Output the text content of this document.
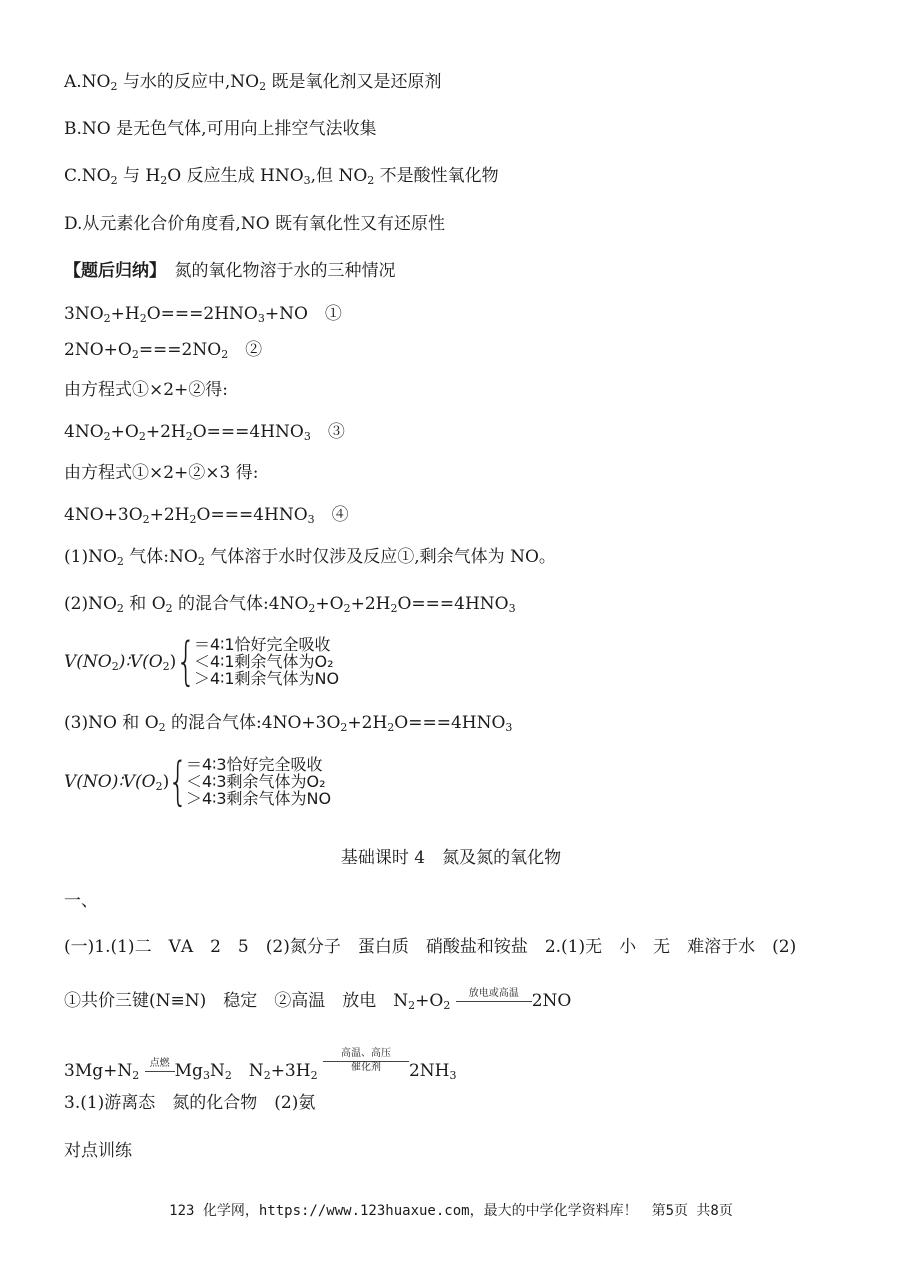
$A.NO_2$ 与水的反应中$,NO_2$ 既是氧化剂又是还原剂
B.NO 是无色气体,可用向上排空气法收集
$C.NO_2$ 与 $H_2O$ 反应生成 $HNO_3$,但 $NO_2$ 不是酸性氧化物
D.从元素化合价角度看,NO 既有氧化性又有还原性
【题后归纳】　 氮的氧化物溶于水的三种情况
$3NO_2+H_2O===2HNO_3+NO$　①
$2NO+O_2===2NO_2$　②
由方程式①×2+②得:
$4NO_2+O_2+2H_2O===4HNO_3$　③
由方程式①×2+②×3 得:
$4NO+3O_2+2H_2O===4HNO_3$　④
$(1)NO_2$ 气体$:NO_2$ 气体溶于水时仅涉及反应①,剩余气体为 NO。
$(2)NO_2$ 和 $O_2$ 的混合气体$:4NO_2+O_2+2H_2O===4HNO_3$
$V(NO_2)∶V(O_2)$ {
＝4∶1恰好完全吸收
＜4∶1剩余气体为O₂
＞4∶1剩余气体为NO
(3)NO 和 $O_2$ 的混合气体$:4NO+3O_2+2H_2O===4HNO_3$
$V(NO)∶V(O_2)$
{
＝4∶3恰好完全吸收
＜4∶3剩余气体为O₂
＞4∶3剩余气体为NO
基础课时 4　氮及氮的氧化物
一、
(一)1.(1)二　ⅤA　2　5　(2)氮分子　蛋白质　硝酸盐和铵盐　2.(1)无　小　无　难溶于水　(2)
①共价三键(N≡N)　稳定　②高温　放电　$N_2+O_2$
放电或高温 2NO
$3Mg+N_2$
点燃 $Mg_3N_2$　$N_2+3H_2$
高温、高压
催化剂	$2NH_3$
3.(1)游离态　氮的化合物　(2)氨
对点训练
123 化学网，https://www.123huaxue.com，最大的中学化学资料库！　第5页 共8页
